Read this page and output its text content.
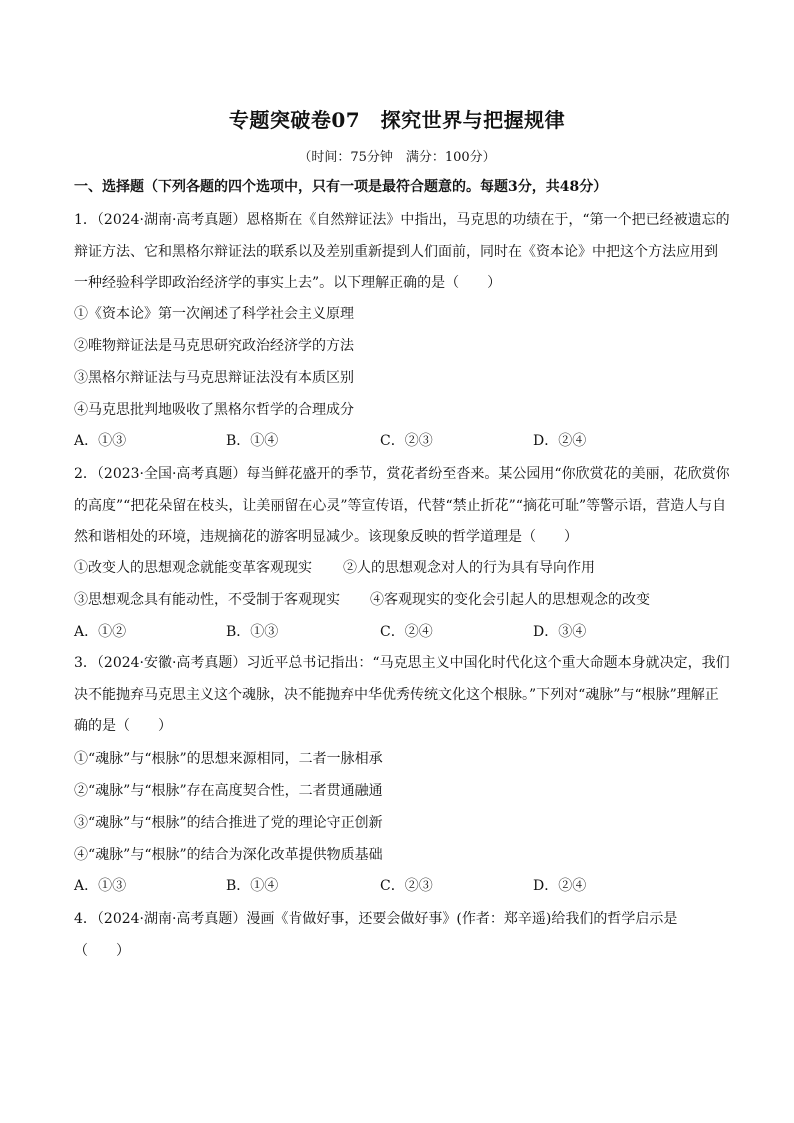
专题突破卷07　探究世界与把握规律
（时间：75分钟　满分：100分）
一、选择题（下列各题的四个选项中，只有一项是最符合题意的。每题3分，共48分）
1．（2024·湖南·高考真题）恩格斯在《自然辩证法》中指出，马克思的功绩在于，“第一个把已经被遗忘的
辩证方法、它和黑格尔辩证法的联系以及差别重新提到人们面前，同时在《资本论》中把这个方法应用到
一种经验科学即政治经济学的事实上去”。以下理解正确的是（　　）
①《资本论》第一次阐述了科学社会主义原理
②唯物辩证法是马克思研究政治经济学的方法
③黑格尔辩证法与马克思辩证法没有本质区别
④马克思批判地吸收了黑格尔哲学的合理成分
A．①③	B．①④	C．②③	D．②④
2．（2023·全国·高考真题）每当鲜花盛开的季节，赏花者纷至沓来。某公园用“你欣赏花的美丽，花欣赏你
的高度”“把花朵留在枝头，让美丽留在心灵”等宣传语，代替“禁止折花”“摘花可耻”等警示语，营造人与自
然和谐相处的环境，违规摘花的游客明显减少。该现象反映的哲学道理是（　　）
①改变人的思想观念就能变革客观现实 ②人的思想观念对人的行为具有导向作用
③思想观念具有能动性，不受制于客观现实 ④客观现实的变化会引起人的思想观念的改变
A．①②	B．①③	C．②④	D．③④
3．（2024·安徽·高考真题）习近平总书记指出：“马克思主义中国化时代化这个重大命题本身就决定，我们
决不能抛弃马克思主义这个魂脉，决不能抛弃中华优秀传统文化这个根脉。”下列对“魂脉”与“根脉”理解正
确的是（　　）
①“魂脉”与“根脉”的思想来源相同，二者一脉相承
②“魂脉”与“根脉”存在高度契合性，二者贯通融通
③“魂脉”与“根脉”的结合推进了党的理论守正创新
④“魂脉”与“根脉”的结合为深化改革提供物质基础
A．①③	B．①④	C．②③	D．②④
4．（2024·湖南·高考真题）漫画《肯做好事，还要会做好事》(作者：郑辛遥)给我们的哲学启示是
（　　）
